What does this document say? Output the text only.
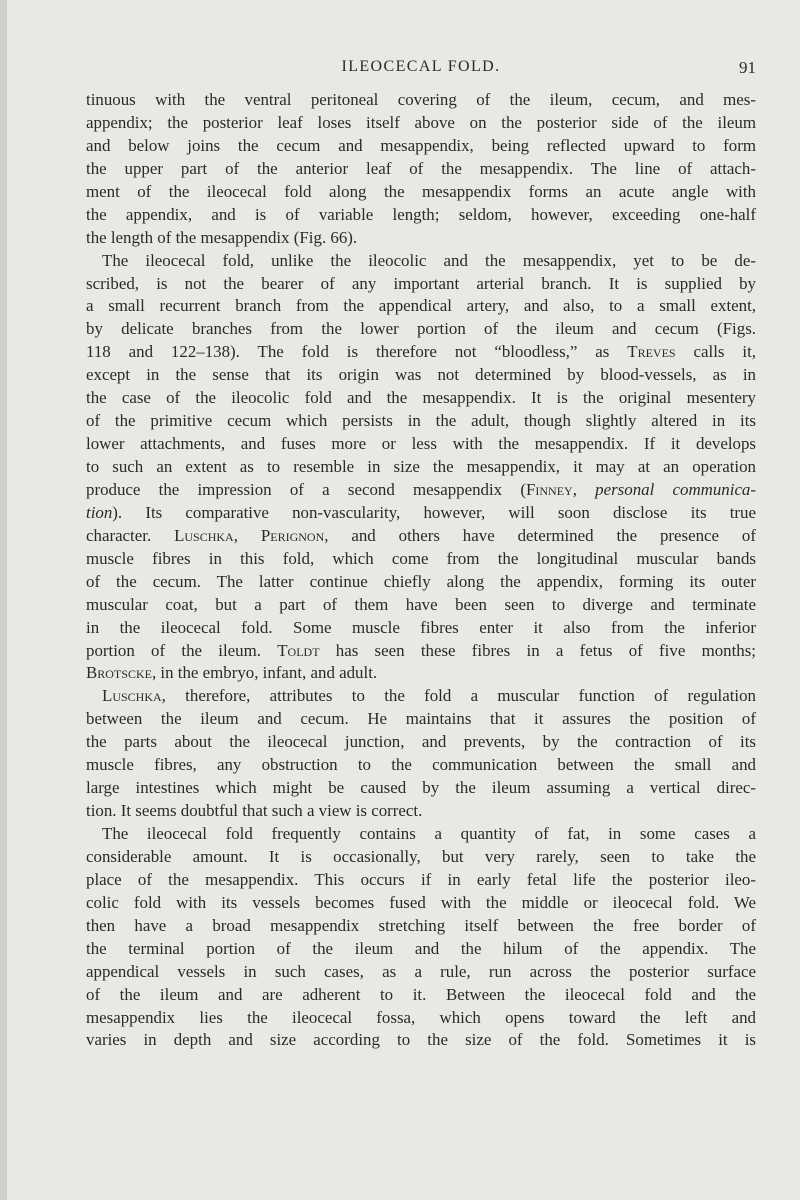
ILEOCECAL FOLD.	91
tinuous with the ventral peritoneal covering of the ileum, cecum, and mes-
appendix; the posterior leaf loses itself above on the posterior side of the ileum
and below joins the cecum and mesappendix, being reflected upward to form
the upper part of the anterior leaf of the mesappendix. The line of attach-
ment of the ileocecal fold along the mesappendix forms an acute angle with
the appendix, and is of variable length; seldom, however, exceeding one-half
the length of the mesappendix (Fig. 66).
The ileocecal fold, unlike the ileocolic and the mesappendix, yet to be de-
scribed, is not the bearer of any important arterial branch. It is supplied by
a small recurrent branch from the appendical artery, and also, to a small extent,
by delicate branches from the lower portion of the ileum and cecum (Figs.
118 and 122–138). The fold is therefore not “bloodless,” as Treves calls it,
except in the sense that its origin was not determined by blood-vessels, as in
the case of the ileocolic fold and the mesappendix. It is the original mesentery
of the primitive cecum which persists in the adult, though slightly altered in its
lower attachments, and fuses more or less with the mesappendix. If it develops
to such an extent as to resemble in size the mesappendix, it may at an operation
produce the impression of a second mesappendix (Finney, personal communica-
tion). Its comparative non-vascularity, however, will soon disclose its true
character. Luschka, Perignon, and others have determined the presence of
muscle fibres in this fold, which come from the longitudinal muscular bands
of the cecum. The latter continue chiefly along the appendix, forming its outer
muscular coat, but a part of them have been seen to diverge and terminate
in the ileocecal fold. Some muscle fibres enter it also from the inferior
portion of the ileum. Toldt has seen these fibres in a fetus of five months;
Brotscke, in the embryo, infant, and adult.
Luschka, therefore, attributes to the fold a muscular function of regulation
between the ileum and cecum. He maintains that it assures the position of
the parts about the ileocecal junction, and prevents, by the contraction of its
muscle fibres, any obstruction to the communication between the small and
large intestines which might be caused by the ileum assuming a vertical direc-
tion. It seems doubtful that such a view is correct.
The ileocecal fold frequently contains a quantity of fat, in some cases a
considerable amount. It is occasionally, but very rarely, seen to take the
place of the mesappendix. This occurs if in early fetal life the posterior ileo-
colic fold with its vessels becomes fused with the middle or ileocecal fold. We
then have a broad mesappendix stretching itself between the free border of
the terminal portion of the ileum and the hilum of the appendix. The
appendical vessels in such cases, as a rule, run across the posterior surface
of the ileum and are adherent to it. Between the ileocecal fold and the
mesappendix lies the ileocecal fossa, which opens toward the left and
varies in depth and size according to the size of the fold. Sometimes it is
